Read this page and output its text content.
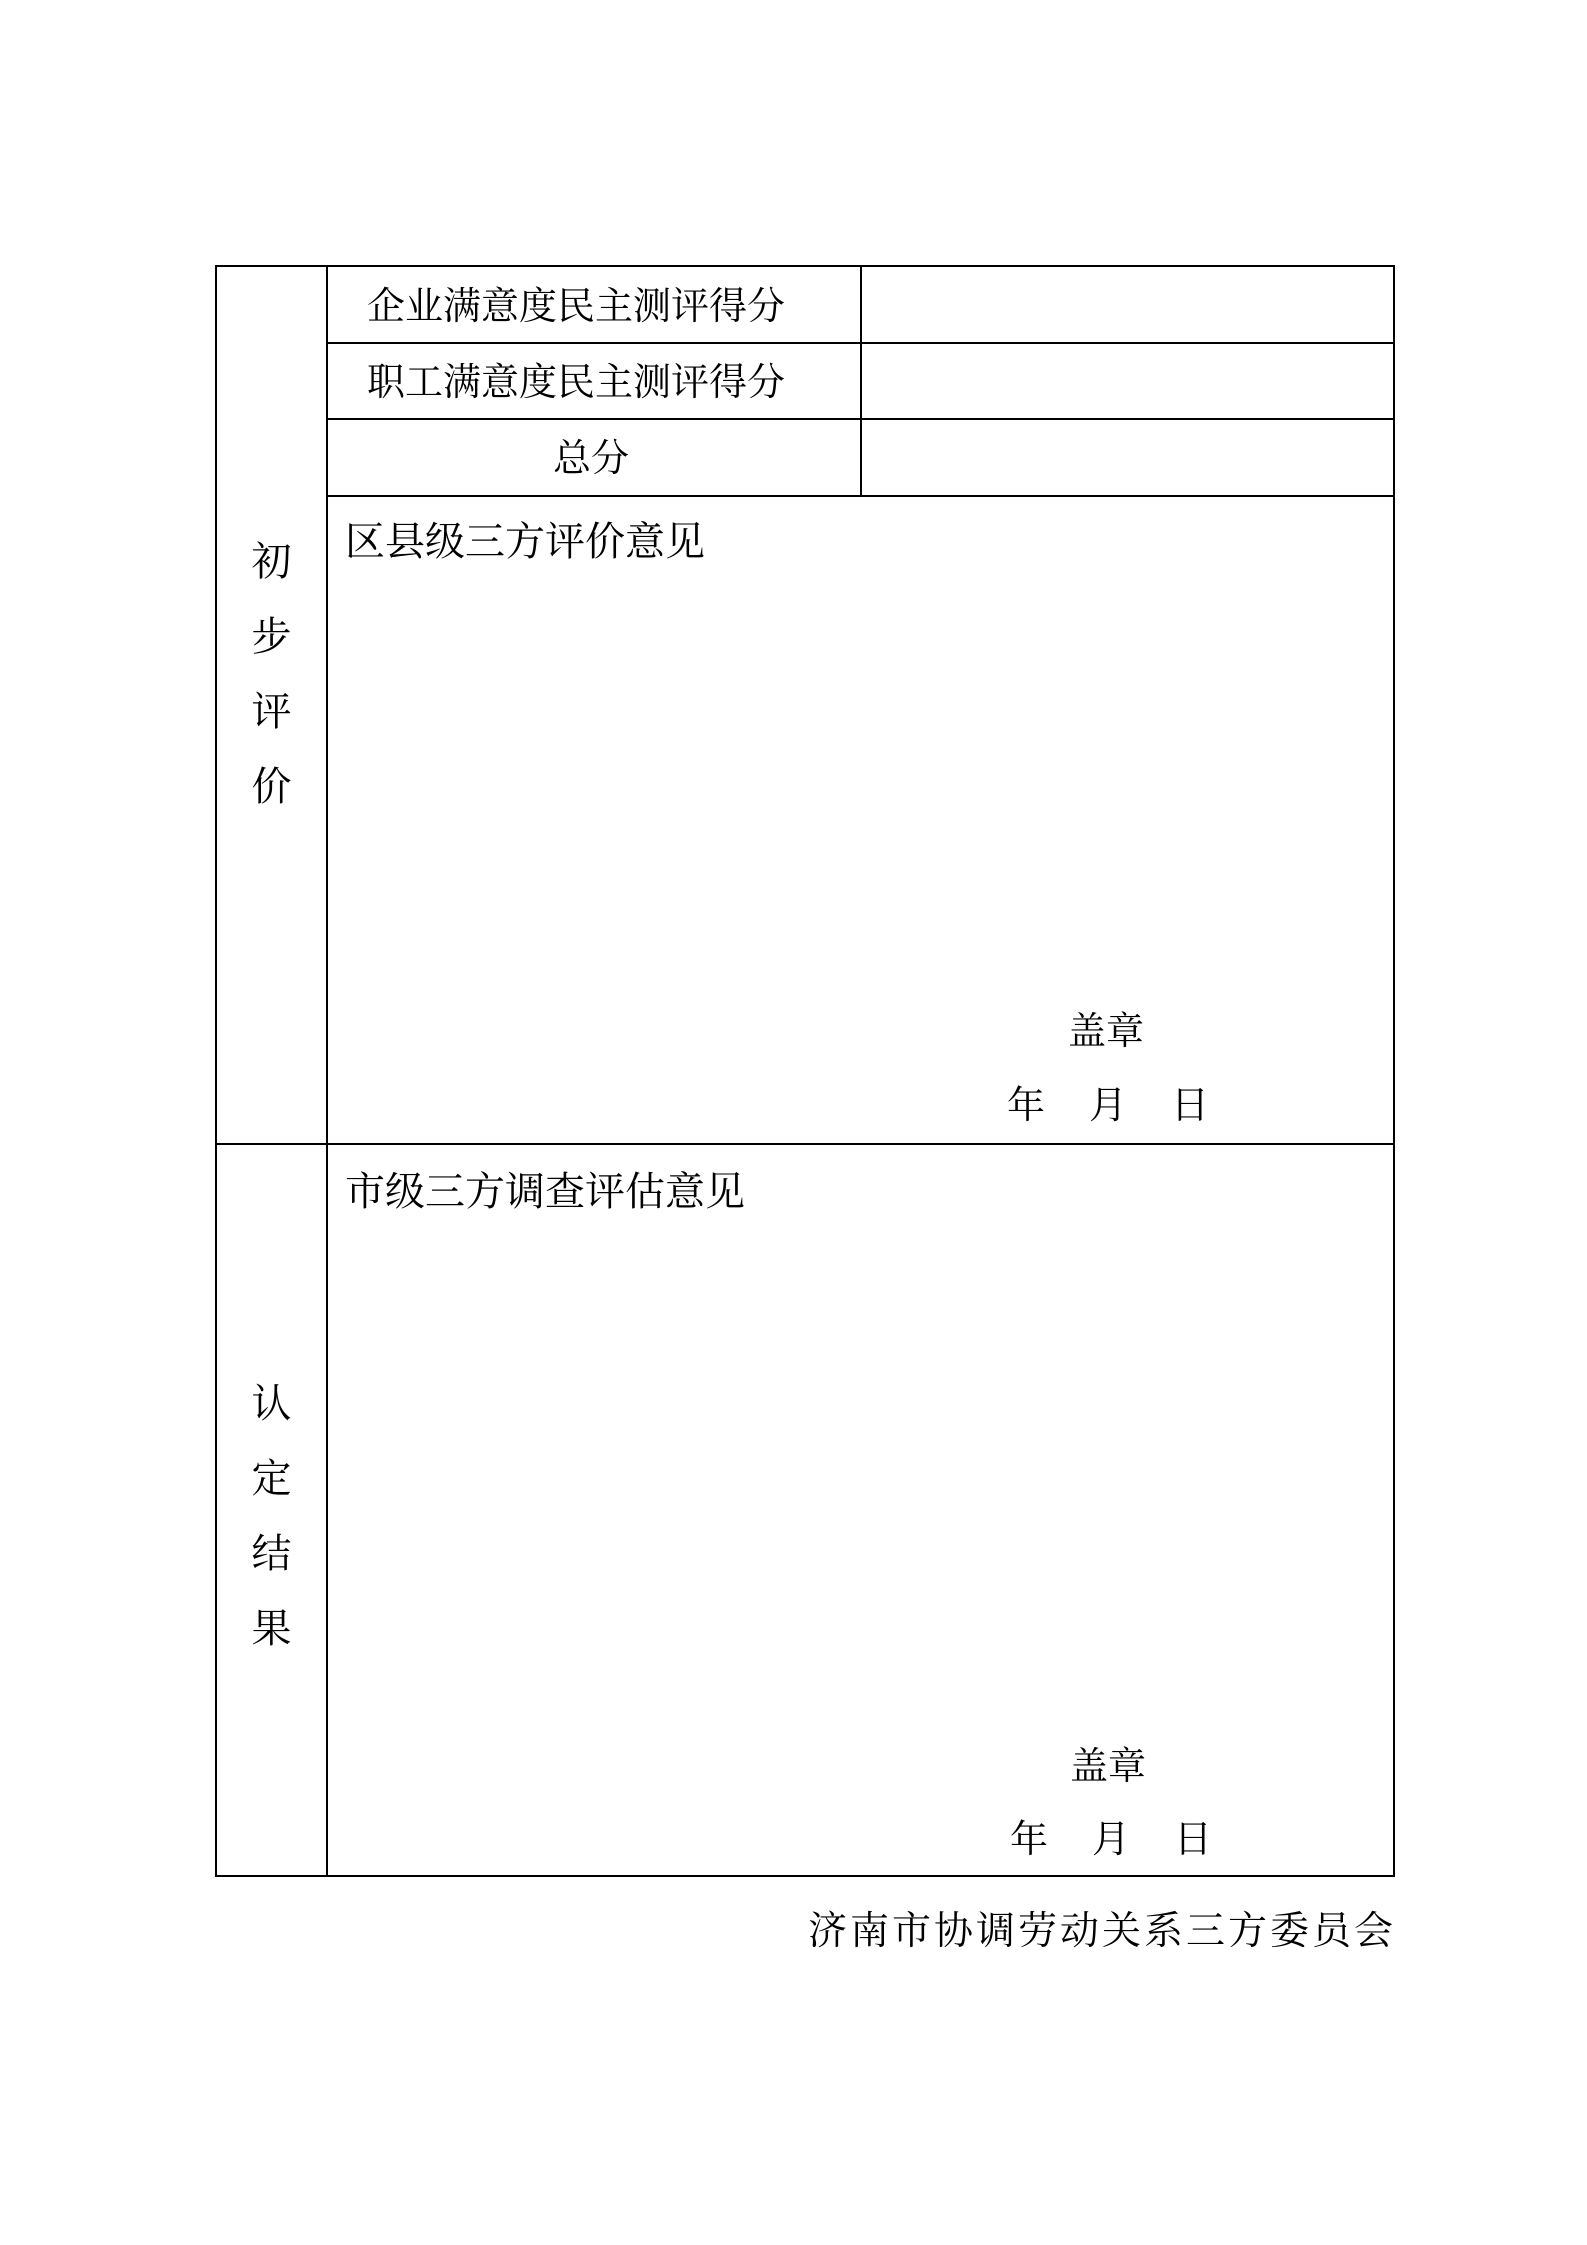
企业满意度民主测评得分
职工满意度民主测评得分
总分
初
步
评
价
区县级三方评价意见
盖章
年 月 日
认
定
结
果
市级三方调查评估意见
盖章
年 月 日
济南市协调劳动关系三方委员会
